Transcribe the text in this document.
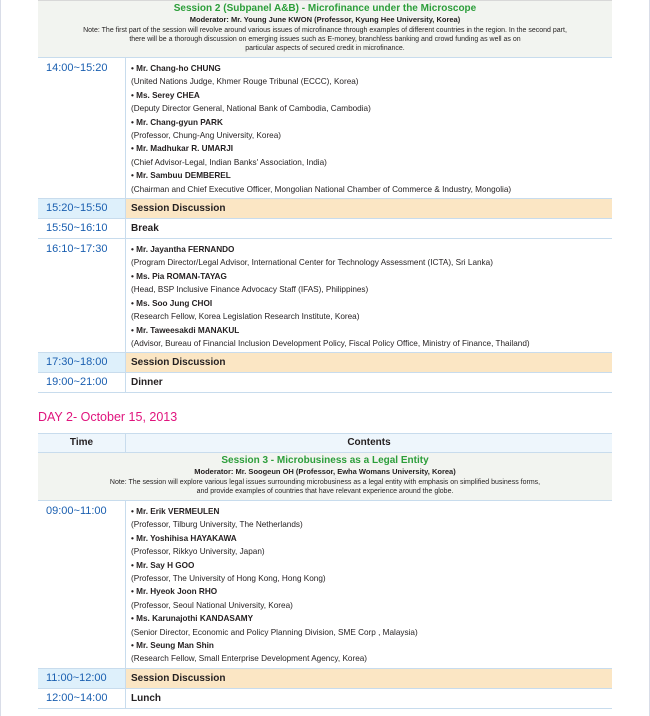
Session 2 (Subpanel A&B) - Microfinance under the Microscope
Moderator: Mr. Young June KWON (Professor, Kyung Hee University, Korea)
Note: The first part of the session will revolve around various issues of microfinance through examples of different countries in the region. In the second part,
there will be a thorough discussion on emerging issues such as E-money, branchless banking and crowd funding as well as on
particular aspects of secured credit in microfinance.
14:00~15:20	• Mr. Chang-ho CHUNG
(United Nations Judge, Khmer Rouge Tribunal (ECCC), Korea)
• Ms. Serey CHEA
(Deputy Director General, National Bank of Cambodia, Cambodia)
• Mr. Chang-gyun PARK
(Professor, Chung-Ang University, Korea)
• Mr. Madhukar R. UMARJI
(Chief Advisor-Legal, Indian Banks' Association, India)
• Mr. Sambuu DEMBEREL
(Chairman and Chief Executive Officer, Mongolian National Chamber of Commerce & Industry, Mongolia)
15:20~15:50	Session Discussion
15:50~16:10	Break
16:10~17:30	• Mr. Jayantha FERNANDO
(Program Director/Legal Advisor, International Center for Technology Assessment (ICTA), Sri Lanka)
• Ms. Pia ROMAN-TAYAG
(Head, BSP Inclusive Finance Advocacy Staff (IFAS), Philippines)
• Ms. Soo Jung CHOI
(Research Fellow, Korea Legislation Research Institute, Korea)
• Mr. Taweesakdi MANAKUL
(Advisor, Bureau of Financial Inclusion Development Policy, Fiscal Policy Office, Ministry of Finance, Thailand)
17:30~18:00	Session Discussion
19:00~21:00	Dinner
DAY 2- October 15, 2013
Time	Contents
Session 3 - Microbusiness as a Legal Entity
Moderator: Mr. Soogeun OH (Professor, Ewha Womans University, Korea)
Note: The session will explore various legal issues surrounding microbusiness as a legal entity with emphasis on simplified business forms,
and provide examples of countries that have relevant experience around the globe.
09:00~11:00	• Mr. Erik VERMEULEN
(Professor, Tilburg University, The Netherlands)
• Mr. Yoshihisa HAYAKAWA
(Professor, Rikkyo University, Japan)
• Mr. Say H GOO
(Professor, The University of Hong Kong, Hong Kong)
• Mr. Hyeok Joon RHO
(Professor, Seoul National University, Korea)
• Ms. Karunajothi KANDASAMY
(Senior Director, Economic and Policy Planning Division, SME Corp , Malaysia)
• Mr. Seung Man Shin
(Research Fellow, Small Enterprise Development Agency, Korea)
11:00~12:00	Session Discussion
12:00~14:00	Lunch
